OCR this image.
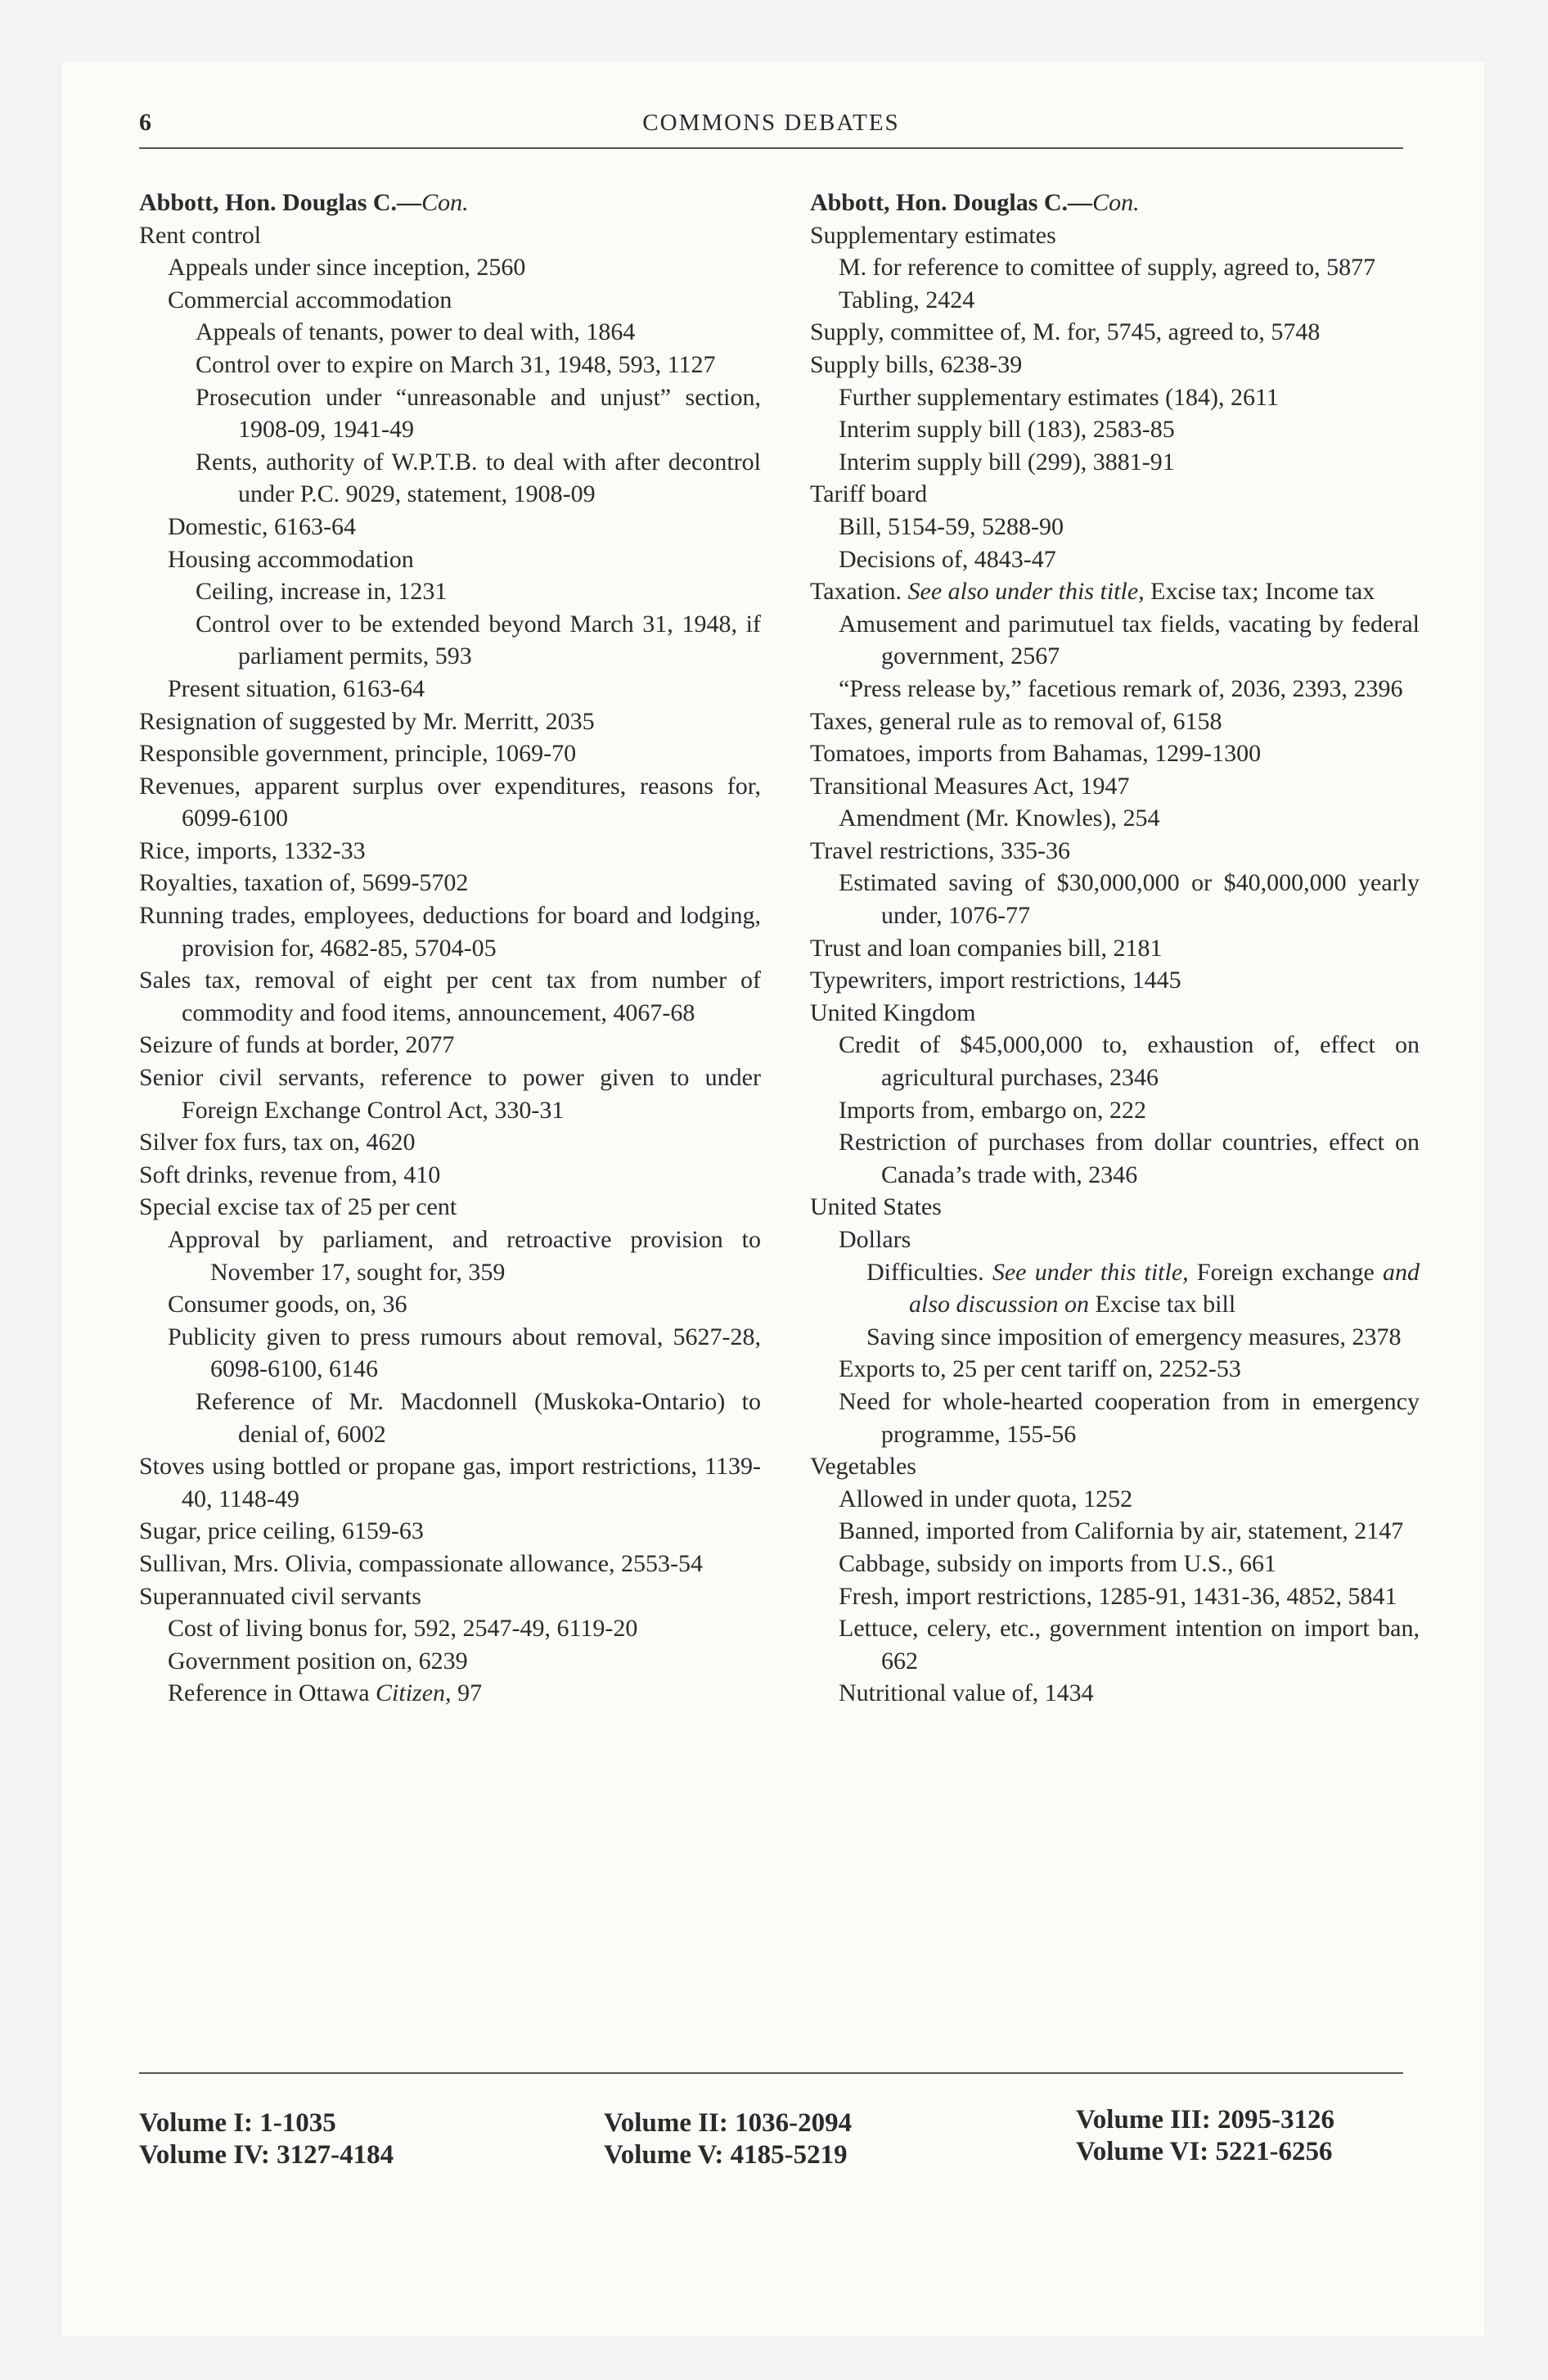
6	COMMONS DEBATES
Abbott, Hon. Douglas C.—Con.
Rent control
Appeals under since inception, 2560
Commercial accommodation
Appeals of tenants, power to deal with, 1864
Control over to expire on March 31, 1948, 593, 1127
Prosecution under “unreasonable and unjust” section, 1908-09, 1941-49
Rents, authority of W.P.T.B. to deal with after decontrol under P.C. 9029, statement, 1908-09
Domestic, 6163-64
Housing accommodation
Ceiling, increase in, 1231
Control over to be extended beyond March 31, 1948, if parliament permits, 593
Present situation, 6163-64
Resignation of suggested by Mr. Merritt, 2035
Responsible government, principle, 1069-70
Revenues, apparent surplus over expenditures, reasons for, 6099-6100
Rice, imports, 1332-33
Royalties, taxation of, 5699-5702
Running trades, employees, deductions for board and lodging, provision for, 4682-85, 5704-05
Sales tax, removal of eight per cent tax from number of commodity and food items, announcement, 4067-68
Seizure of funds at border, 2077
Senior civil servants, reference to power given to under Foreign Exchange Control Act, 330-31
Silver fox furs, tax on, 4620
Soft drinks, revenue from, 410
Special excise tax of 25 per cent
Approval by parliament, and retroactive provision to November 17, sought for, 359
Consumer goods, on, 36
Publicity given to press rumours about removal, 5627-28, 6098-6100, 6146
Reference of Mr. Macdonnell (Muskoka-Ontario) to denial of, 6002
Stoves using bottled or propane gas, import restrictions, 1139-40, 1148-49
Sugar, price ceiling, 6159-63
Sullivan, Mrs. Olivia, compassionate allowance, 2553-54
Superannuated civil servants
Cost of living bonus for, 592, 2547-49, 6119-20
Government position on, 6239
Reference in Ottawa Citizen, 97
Abbott, Hon. Douglas C.—Con.
Supplementary estimates
M. for reference to comittee of supply, agreed to, 5877
Tabling, 2424
Supply, committee of, M. for, 5745, agreed to, 5748
Supply bills, 6238-39
Further supplementary estimates (184), 2611
Interim supply bill (183), 2583-85
Interim supply bill (299), 3881-91
Tariff board
Bill, 5154-59, 5288-90
Decisions of, 4843-47
Taxation. See also under this title, Excise tax; Income tax
Amusement and parimutuel tax fields, vacating by federal government, 2567
“Press release by,” facetious remark of, 2036, 2393, 2396
Taxes, general rule as to removal of, 6158
Tomatoes, imports from Bahamas, 1299-1300
Transitional Measures Act, 1947
Amendment (Mr. Knowles), 254
Travel restrictions, 335-36
Estimated saving of $30,000,000 or $40,000,000 yearly under, 1076-77
Trust and loan companies bill, 2181
Typewriters, import restrictions, 1445
United Kingdom
Credit of $45,000,000 to, exhaustion of, effect on agricultural purchases, 2346
Imports from, embargo on, 222
Restriction of purchases from dollar countries, effect on Canada’s trade with, 2346
United States
Dollars
Difficulties. See under this title, Foreign exchange and also discussion on Excise tax bill
Saving since imposition of emergency measures, 2378
Exports to, 25 per cent tariff on, 2252-53
Need for whole-hearted cooperation from in emergency programme, 155-56
Vegetables
Allowed in under quota, 1252
Banned, imported from California by air, statement, 2147
Cabbage, subsidy on imports from U.S., 661
Fresh, import restrictions, 1285-91, 1431-36, 4852, 5841
Lettuce, celery, etc., government intention on import ban, 662
Nutritional value of, 1434
Volume I: 1-1035	Volume II: 1036-2094	Volume III: 2095-3126
Volume IV: 3127-4184	Volume V: 4185-5219	Volume VI: 5221-6256
